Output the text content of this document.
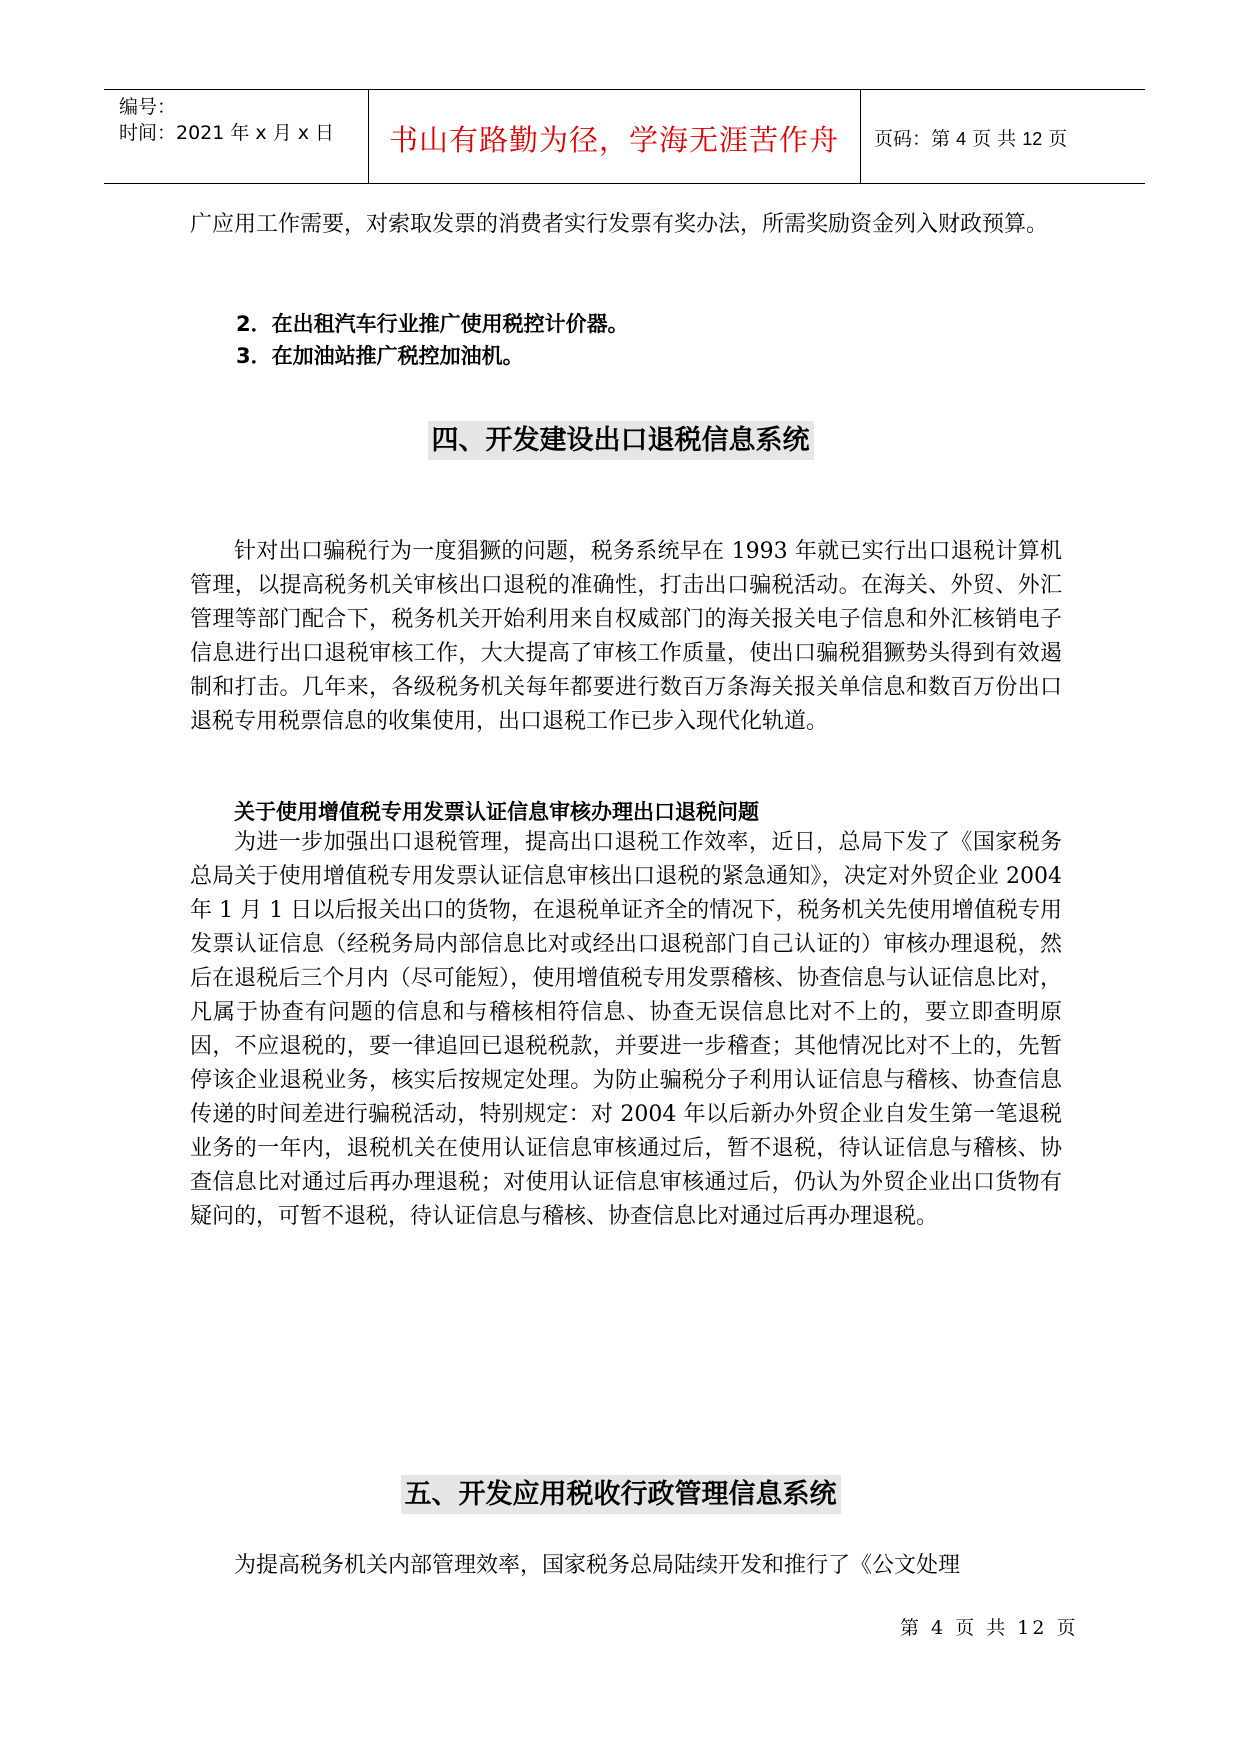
编号：
时间：2021 年 x 月 x 日	书山有路勤为径，学海无涯苦作舟	页码：第 4 页 共 12 页
广应用工作需要，对索取发票的消费者实行发票有奖办法，所需奖励资金列入财政预算。
2．在出租汽车行业推广使用税控计价器。
3．在加油站推广税控加油机。
四、开发建设出口退税信息系统
针对出口骗税行为一度猖獗的问题，税务系统早在 1993 年就已实行出口退税计算机管理，以提高税务机关审核出口退税的准确性，打击出口骗税活动。在海关、外贸、外汇管理等部门配合下，税务机关开始利用来自权威部门的海关报关电子信息和外汇核销电子信息进行出口退税审核工作，大大提高了审核工作质量，使出口骗税猖獗势头得到有效遏制和打击。几年来，各级税务机关每年都要进行数百万条海关报关单信息和数百万份出口退税专用税票信息的收集使用，出口退税工作已步入现代化轨道。
关于使用增值税专用发票认证信息审核办理出口退税问题
为进一步加强出口退税管理，提高出口退税工作效率，近日，总局下发了《国家税务总局关于使用增值税专用发票认证信息审核出口退税的紧急通知》，决定对外贸企业 2004 年 1 月 1 日以后报关出口的货物，在退税单证齐全的情况下，税务机关先使用增值税专用发票认证信息（经税务局内部信息比对或经出口退税部门自己认证的）审核办理退税，然后在退税后三个月内（尽可能短），使用增值税专用发票稽核、协查信息与认证信息比对，凡属于协查有问题的信息和与稽核相符信息、协查无误信息比对不上的，要立即查明原因，不应退税的，要一律追回已退税税款，并要进一步稽查；其他情况比对不上的，先暂停该企业退税业务，核实后按规定处理。为防止骗税分子利用认证信息与稽核、协查信息传递的时间差进行骗税活动，特别规定：对 2004 年以后新办外贸企业自发生第一笔退税业务的一年内，退税机关在使用认证信息审核通过后，暂不退税，待认证信息与稽核、协查信息比对通过后再办理退税；对使用认证信息审核通过后，仍认为外贸企业出口货物有疑问的，可暂不退税，待认证信息与稽核、协查信息比对通过后再办理退税。
五、开发应用税收行政管理信息系统
为提高税务机关内部管理效率，国家税务总局陆续开发和推行了《公文处理
第 4 页 共 12 页
